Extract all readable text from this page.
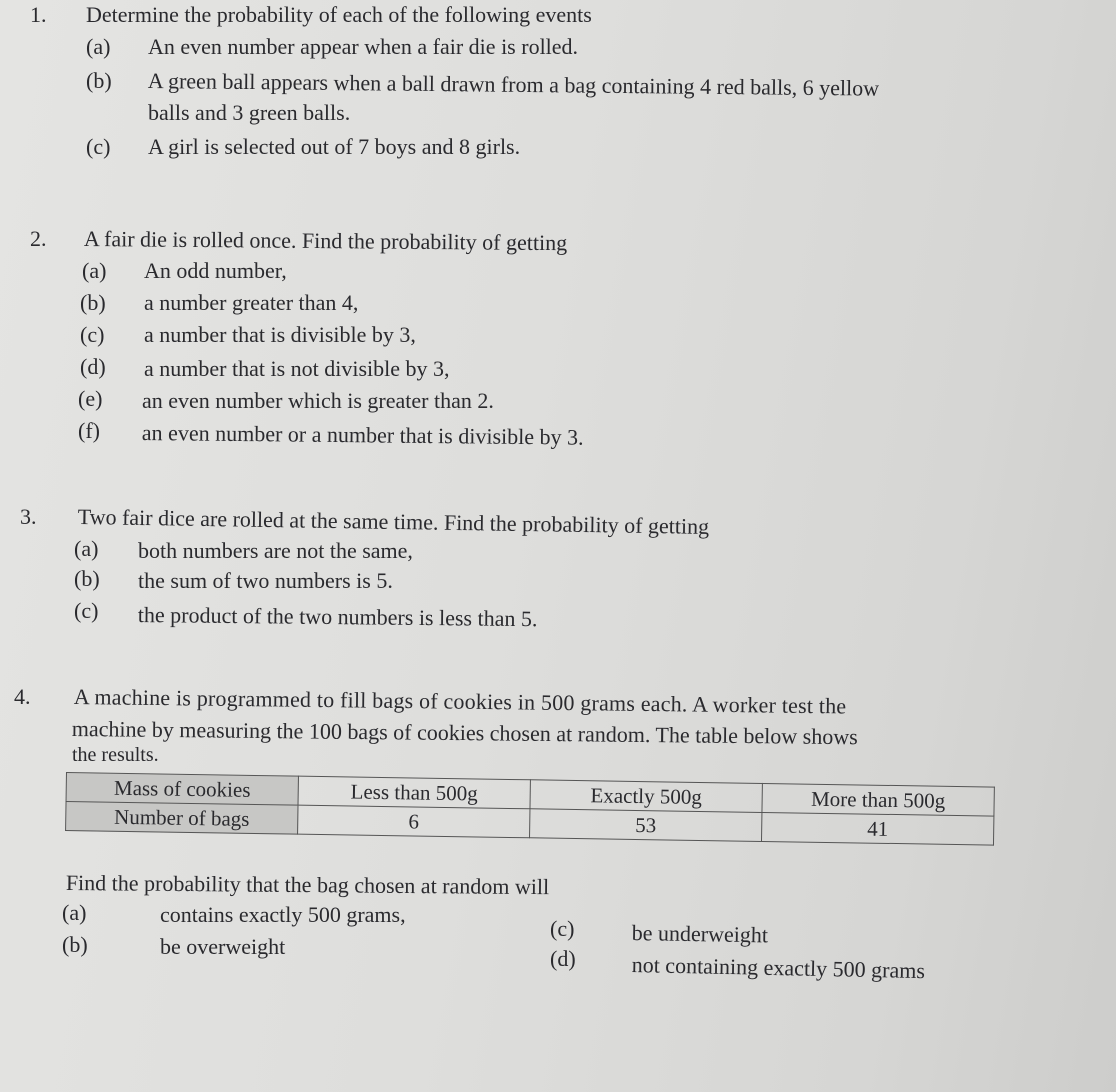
1. Determine the probability of each of the following events
(a) An even number appear when a fair die is rolled.
(b) A green ball appears when a ball drawn from a bag containing 4 red balls, 6 yellow
balls and 3 green balls.
(c) A girl is selected out of 7 boys and 8 girls.
2. A fair die is rolled once. Find the probability of getting
(a) An odd number,
(b) a number greater than 4,
(c) a number that is divisible by 3,
(d) a number that is not divisible by 3,
(e) an even number which is greater than 2.
(f) an even number or a number that is divisible by 3.
3. Two fair dice are rolled at the same time. Find the probability of getting
(a) both numbers are not the same,
(b) the sum of two numbers is 5.
(c) the product of the two numbers is less than 5.
4. A machine is programmed to fill bags of cookies in 500 grams each. A worker test the
machine by measuring the 100 bags of cookies chosen at random. The table below shows
the results.
Mass of cookies	Less than 500g	Exactly 500g	More than 500g
Number of bags	6	53	41
Find the probability that the bag chosen at random will
(a)	contains exactly 500 grams,
(b)	be overweight
(c)	be underweight
(d)	not containing exactly 500 grams
